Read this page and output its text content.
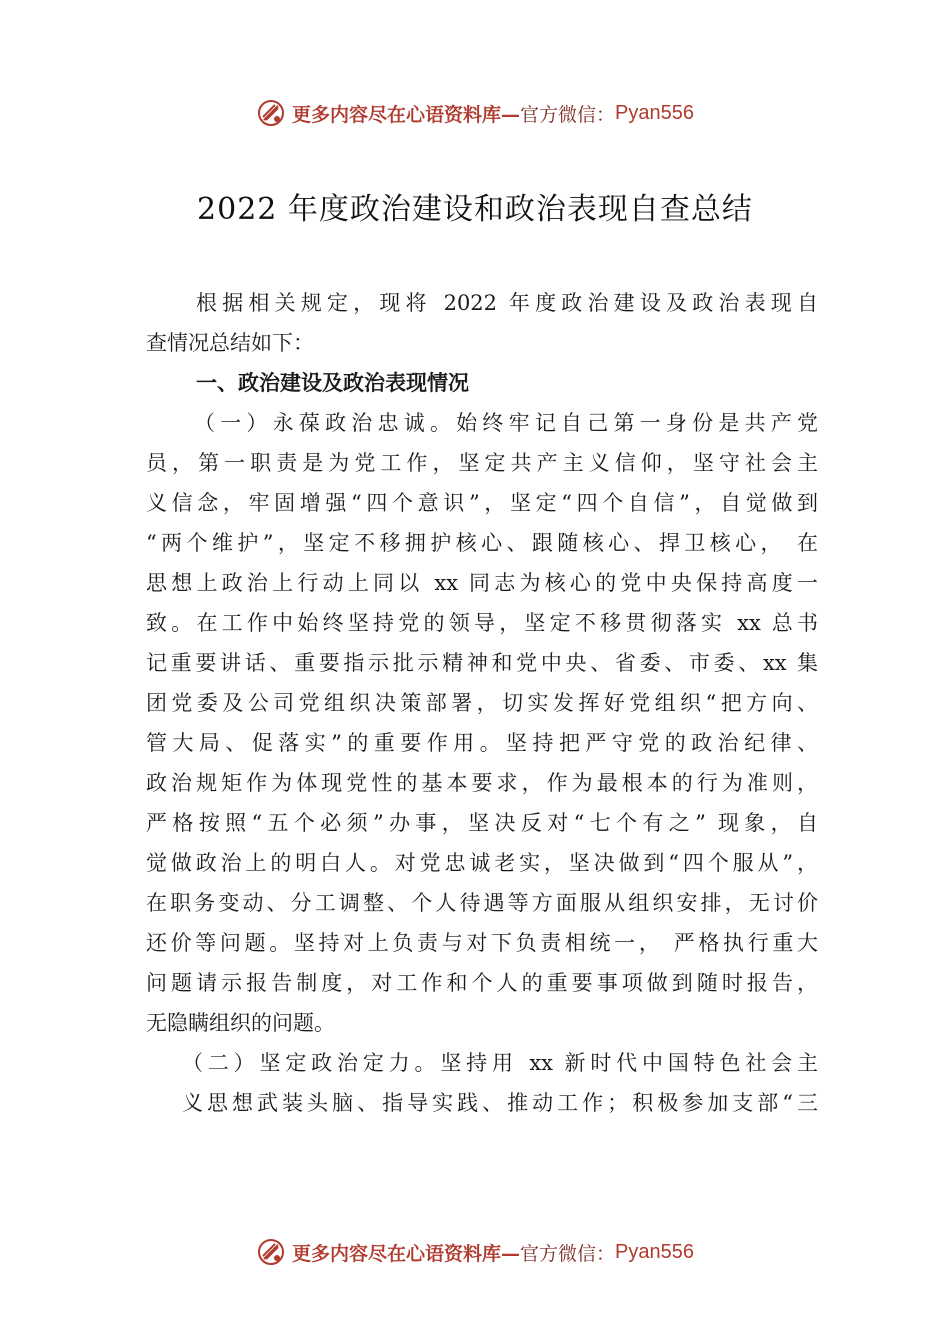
更多内容尽在心语资料库— 官方微信： Pyan556
2022 年度政治建设和政治表现自查总结
根据相关规定，现将 2022 年度政治建设及政治表现自
查情况总结如下：
一、政治建设及政治表现情况
（一）永葆政治忠诚。始终牢记自己第一身份是共产党
员，第一职责是为党工作，坚定共产主义信仰，坚守社会主
义信念，牢固增强“四个意识”，坚定“四个自信”，自觉做到
“两个维护”，坚定不移拥护核心、跟随核心、捍卫核心， 在
思想上政治上行动上同以 xx 同志为核心的党中央保持高度一
致。在工作中始终坚持党的领导，坚定不移贯彻落实 xx 总书
记重要讲话、重要指示批示精神和党中央、省委、市委、xx 集
团党委及公司党组织决策部署，切实发挥好党组织“把方向、
管大局、促落实”的重要作用。坚持把严守党的政治纪律、
政治规矩作为体现党性的基本要求，作为最根本的行为准则，
严格按照“五个必须”办事，坚决反对“七个有之” 现象，自
觉做政治上的明白人。对党忠诚老实，坚决做到“四个服从”，
在职务变动、分工调整、个人待遇等方面服从组织安排，无讨价
还价等问题。坚持对上负责与对下负责相统一， 严格执行重大
问题请示报告制度，对工作和个人的重要事项做到随时报告，
无隐瞒组织的问题。
（二）坚定政治定力。坚持用 xx 新时代中国特色社会主
义思想武装头脑、指导实践、推动工作；积极参加支部“三
更多内容尽在心语资料库— 官方微信： Pyan556
